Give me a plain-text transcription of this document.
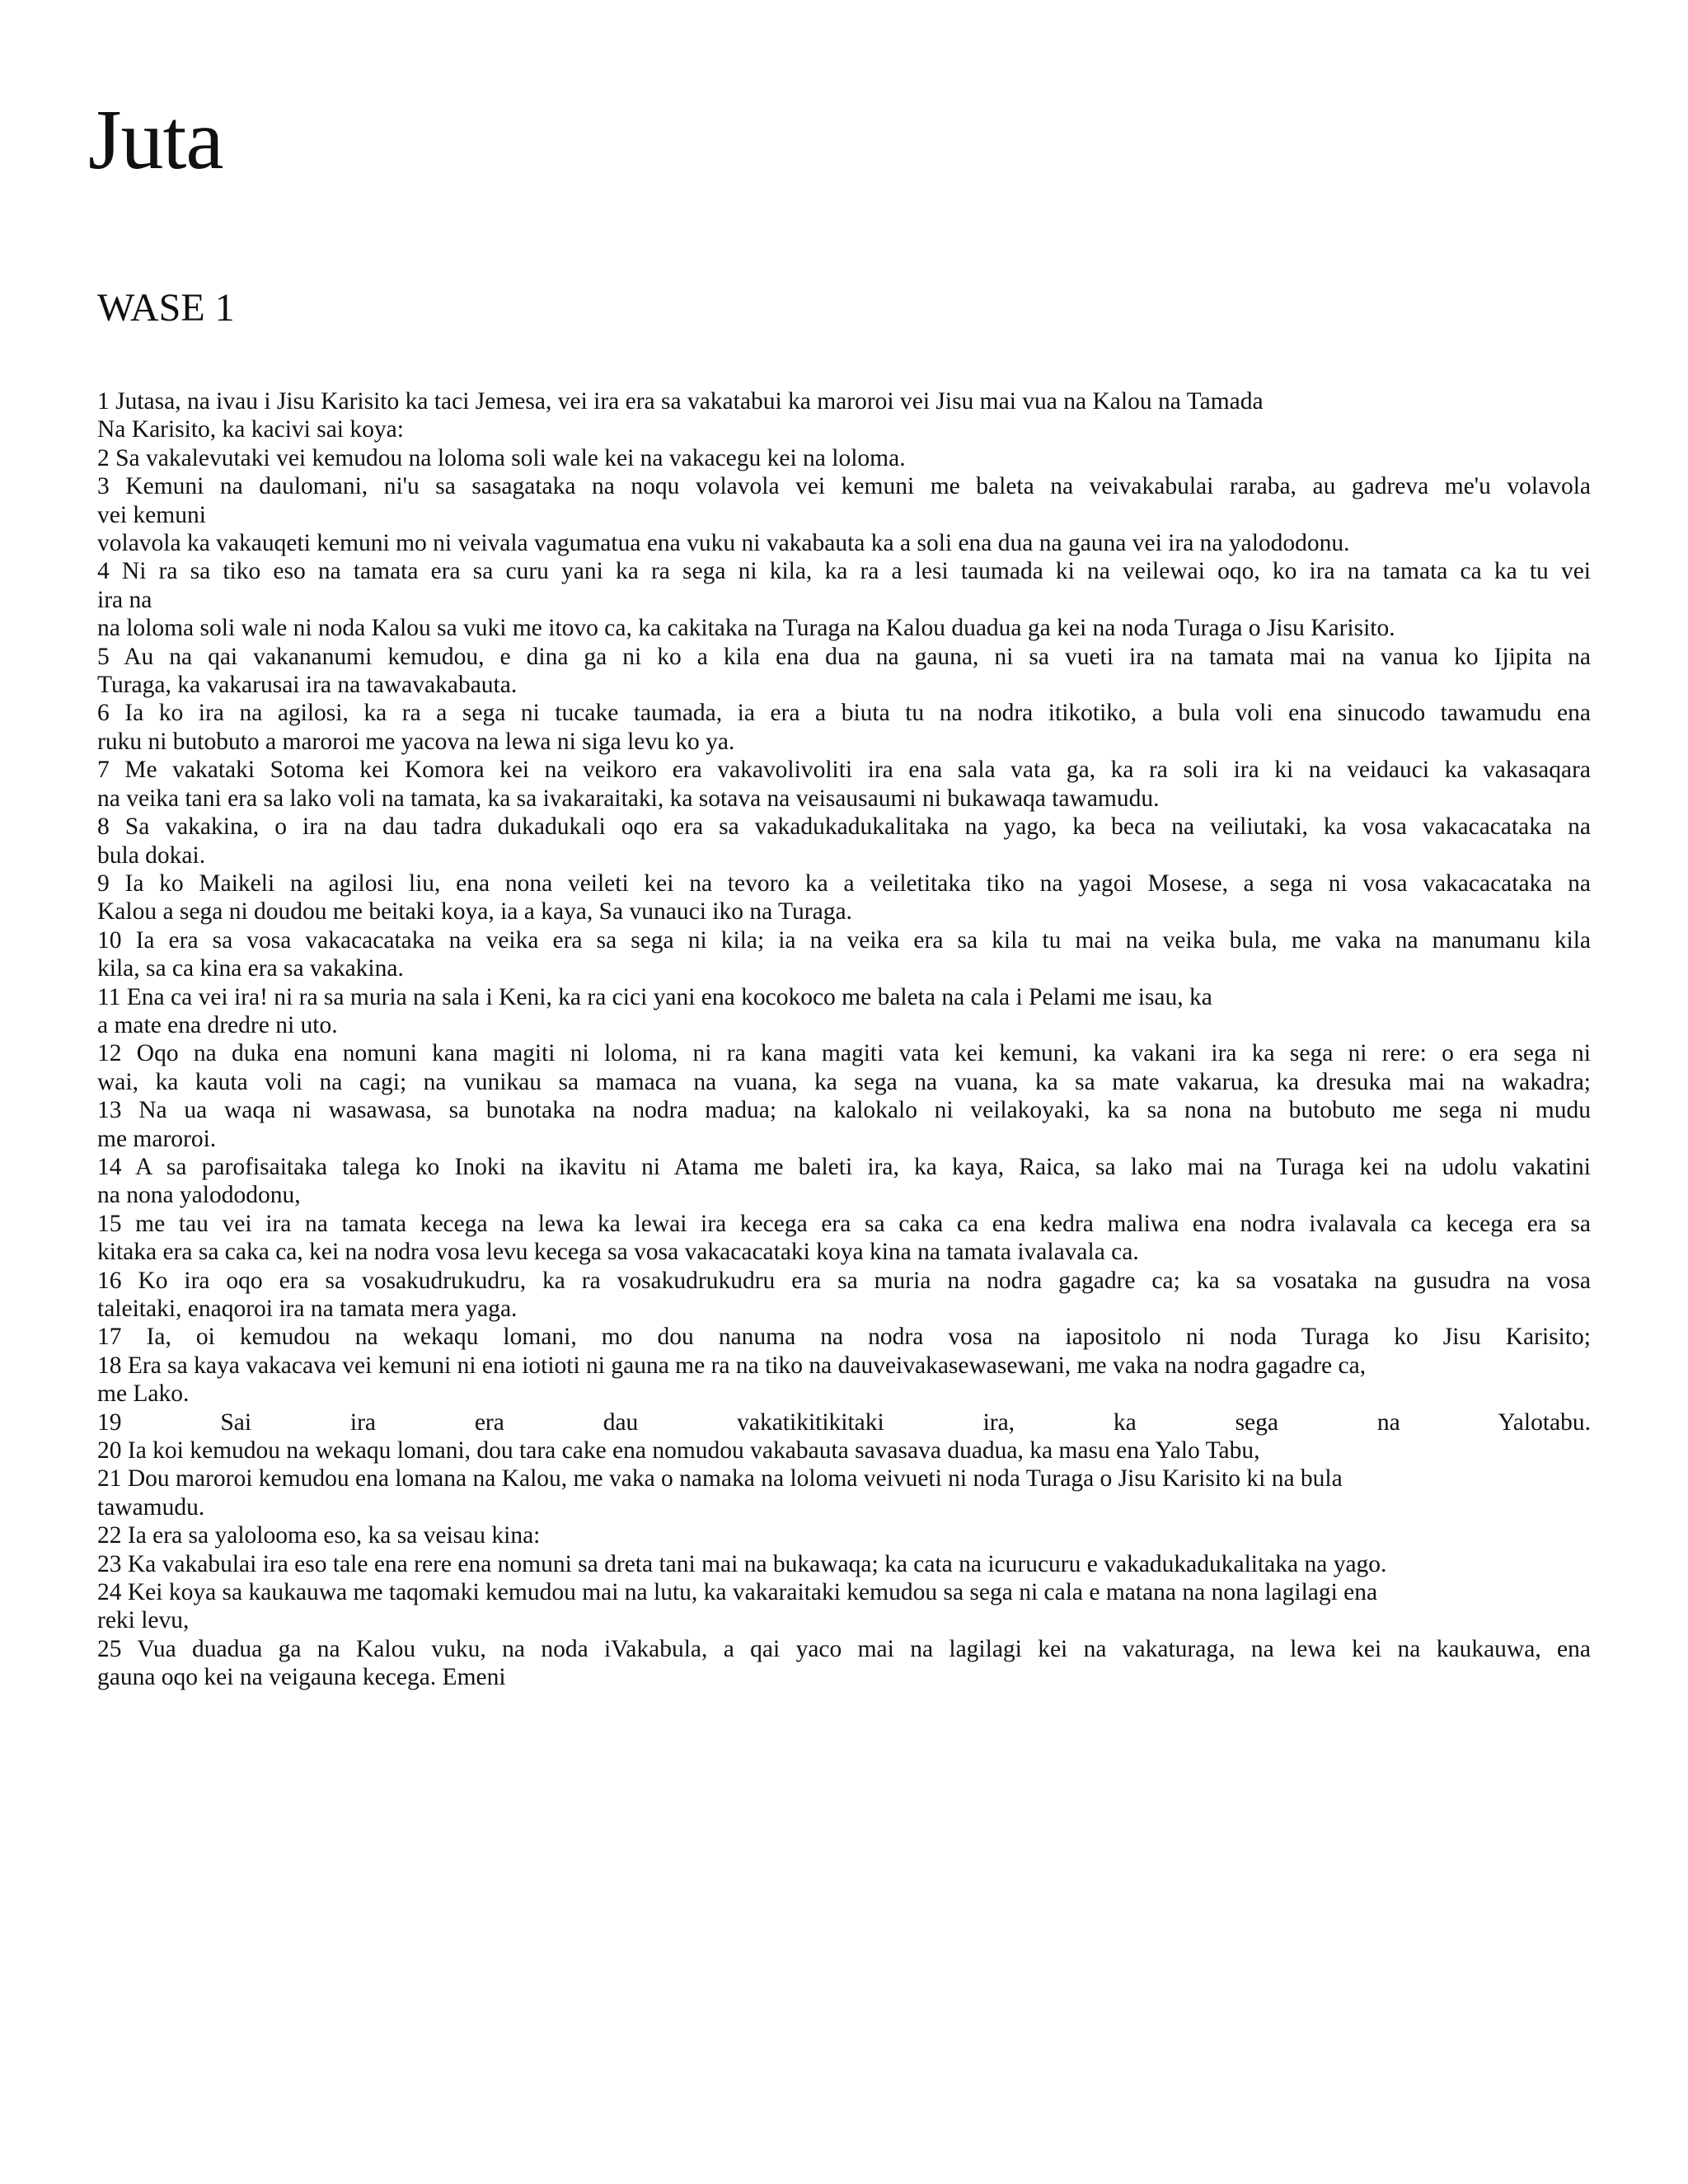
Juta
WASE 1
1 Jutasa, na ivau i Jisu Karisito ka taci Jemesa, vei ira era sa vakatabui ka maroroi vei Jisu mai vua na Kalou na Tamada
Na Karisito, ka kacivi sai koya:
2 Sa vakalevutaki vei kemudou na loloma soli wale kei na vakacegu kei na loloma.
3 Kemuni na daulomani, ni'u sa sasagataka na noqu volavola vei kemuni me baleta na veivakabulai raraba, au gadreva me'u volavola
vei kemuni
volavola ka vakauqeti kemuni mo ni veivala vagumatua ena vuku ni vakabauta ka a soli ena dua na gauna vei ira na yalododonu.
4 Ni ra sa tiko eso na tamata era sa curu yani ka ra sega ni kila, ka ra a lesi taumada ki na veilewai oqo, ko ira na tamata ca ka tu vei
ira na
na loloma soli wale ni noda Kalou sa vuki me itovo ca, ka cakitaka na Turaga na Kalou duadua ga kei na noda Turaga o Jisu Karisito.
5 Au na qai vakananumi kemudou, e dina ga ni ko a kila ena dua na gauna, ni sa vueti ira na tamata mai na vanua ko Ijipita na
Turaga, ka vakarusai ira na tawavakabauta.
6 Ia ko ira na agilosi, ka ra a sega ni tucake taumada, ia era a biuta tu na nodra itikotiko, a bula voli ena sinucodo tawamudu ena
ruku ni butobuto a maroroi me yacova na lewa ni siga levu ko ya.
7 Me vakataki Sotoma kei Komora kei na veikoro era vakavolivoliti ira ena sala vata ga, ka ra soli ira ki na veidauci ka vakasaqara
na veika tani era sa lako voli na tamata, ka sa ivakaraitaki, ka sotava na veisausaumi ni bukawaqa tawamudu.
8 Sa vakakina, o ira na dau tadra dukadukali oqo era sa vakadukadukalitaka na yago, ka beca na veiliutaki, ka vosa vakacacataka na
bula dokai.
9 Ia ko Maikeli na agilosi liu, ena nona veileti kei na tevoro ka a veiletitaka tiko na yagoi Mosese, a sega ni vosa vakacacataka na
Kalou a sega ni doudou me beitaki koya, ia a kaya, Sa vunauci iko na Turaga.
10 Ia era sa vosa vakacacataka na veika era sa sega ni kila; ia na veika era sa kila tu mai na veika bula, me vaka na manumanu kila
kila, sa ca kina era sa vakakina.
11 Ena ca vei ira! ni ra sa muria na sala i Keni, ka ra cici yani ena kocokoco me baleta na cala i Pelami me isau, ka
a mate ena dredre ni uto.
12 Oqo na duka ena nomuni kana magiti ni loloma, ni ra kana magiti vata kei kemuni, ka vakani ira ka sega ni rere: o era sega ni
wai, ka kauta voli na cagi; na vunikau sa mamaca na vuana, ka sega na vuana, ka sa mate vakarua, ka dresuka mai na wakadra;
13 Na ua waqa ni wasawasa, sa bunotaka na nodra madua; na kalokalo ni veilakoyaki, ka sa nona na butobuto me sega ni mudu
me maroroi.
14 A sa parofisaitaka talega ko Inoki na ikavitu ni Atama me baleti ira, ka kaya, Raica, sa lako mai na Turaga kei na udolu vakatini
na nona yalododonu,
15 me tau vei ira na tamata kecega na lewa ka lewai ira kecega era sa caka ca ena kedra maliwa ena nodra ivalavala ca kecega era sa
kitaka era sa caka ca, kei na nodra vosa levu kecega sa vosa vakacacataki koya kina na tamata ivalavala ca.
16 Ko ira oqo era sa vosakudrukudru, ka ra vosakudrukudru era sa muria na nodra gagadre ca; ka sa vosataka na gusudra na vosa
taleitaki, enaqoroi ira na tamata mera yaga.
17 Ia, oi kemudou na wekaqu lomani, mo dou nanuma na nodra vosa na iapositolo ni noda Turaga ko Jisu Karisito;
18 Era sa kaya vakacava vei kemuni ni ena iotioti ni gauna me ra na tiko na dauveivakasewasewani, me vaka na nodra gagadre ca,
me Lako.
19 Sai ira era dau vakatikitikitaki ira, ka sega na Yalotabu.
20 Ia koi kemudou na wekaqu lomani, dou tara cake ena nomudou vakabauta savasava duadua, ka masu ena Yalo Tabu,
21 Dou maroroi kemudou ena lomana na Kalou, me vaka o namaka na loloma veivueti ni noda Turaga o Jisu Karisito ki na bula
tawamudu.
22 Ia era sa yalolooma eso, ka sa veisau kina:
23 Ka vakabulai ira eso tale ena rere ena nomuni sa dreta tani mai na bukawaqa; ka cata na icurucuru e vakadukadukalitaka na yago.
24 Kei koya sa kaukauwa me taqomaki kemudou mai na lutu, ka vakaraitaki kemudou sa sega ni cala e matana na nona lagilagi ena
reki levu,
25 Vua duadua ga na Kalou vuku, na noda iVakabula, a qai yaco mai na lagilagi kei na vakaturaga, na lewa kei na kaukauwa, ena
gauna oqo kei na veigauna kecega. Emeni
